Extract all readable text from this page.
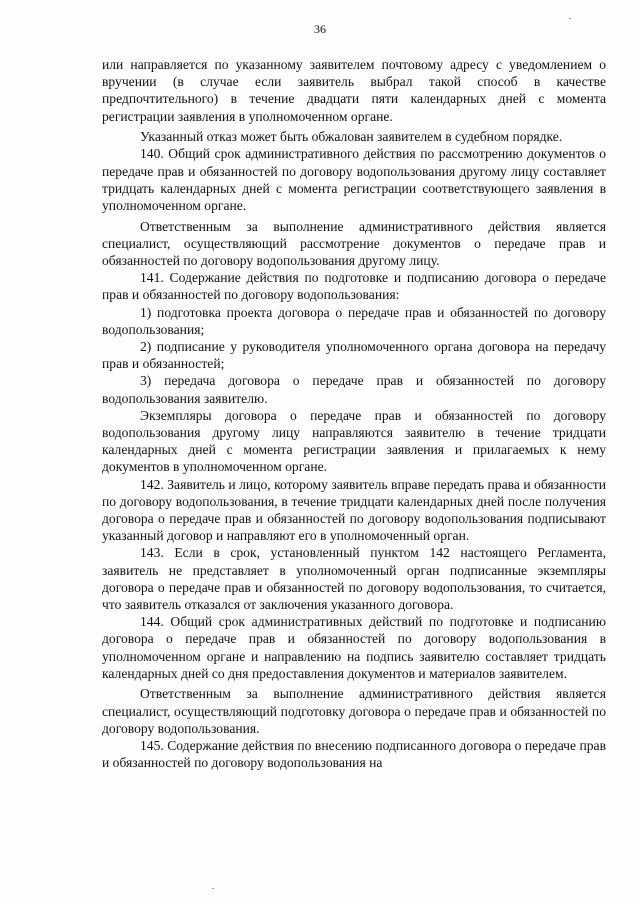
36

или направляется по указанному заявителем почтовому адресу с уведомлением о вручении (в случае если заявитель выбрал такой способ в качестве предпочтительного) в течение двадцати пяти календарных дней с момента регистрации заявления в уполномоченном органе.

Указанный отказ может быть обжалован заявителем в судебном порядке.

140. Общий срок административного действия по рассмотрению документов о передаче прав и обязанностей по договору водопользования другому лицу составляет тридцать календарных дней с момента регистрации соответствующего заявления в уполномоченном органе.

Ответственным за выполнение административного действия является специалист, осуществляющий рассмотрение документов о передаче прав и обязанностей по договору водопользования другому лицу.

141. Содержание действия по подготовке и подписанию договора о передаче прав и обязанностей по договору водопользования:

1) подготовка проекта договора о передаче прав и обязанностей по договору водопользования;

2) подписание у руководителя уполномоченного органа договора на передачу прав и обязанностей;

3) передача договора о передаче прав и обязанностей по договору водопользования заявителю.

Экземпляры договора о передаче прав и обязанностей по договору водопользования другому лицу направляются заявителю в течение тридцати календарных дней с момента регистрации заявления и прилагаемых к нему документов в уполномоченном органе.

142. Заявитель и лицо, которому заявитель вправе передать права и обязанности по договору водопользования, в течение тридцати календарных дней после получения договора о передаче прав и обязанностей по договору водопользования подписывают указанный договор и направляют его в уполномоченный орган.

143. Если в срок, установленный пунктом 142 настоящего Регламента, заявитель не представляет в уполномоченный орган подписанные экземпляры договора о передаче прав и обязанностей по договору водопользования, то считается, что заявитель отказался от заключения указанного договора.

144. Общий срок административных действий по подготовке и подписанию договора о передаче прав и обязанностей по договору водопользования в уполномоченном органе и направлению на подпись заявителю составляет тридцать календарных дней со дня предоставления документов и материалов заявителем.

Ответственным за выполнение административного действия является специалист, осуществляющий подготовку договора о передаче прав и обязанностей по договору водопользования.

145. Содержание действия по внесению подписанного договора о передаче прав и обязанностей по договору водопользования на
